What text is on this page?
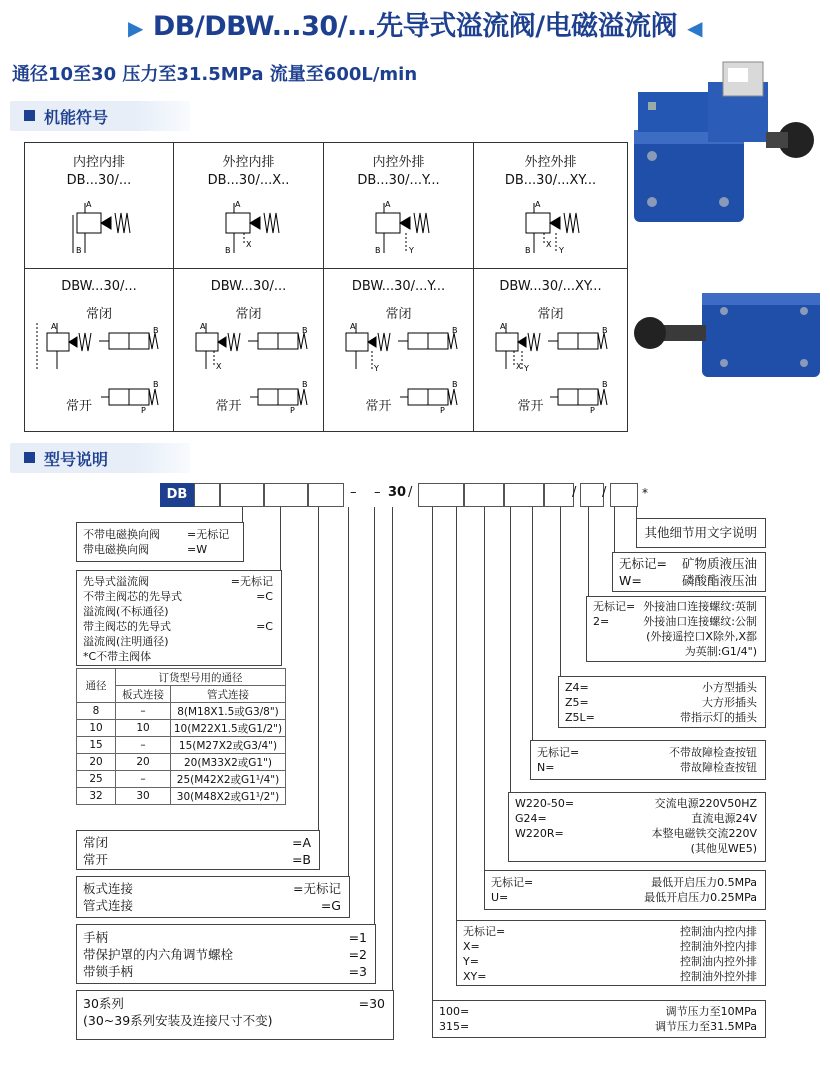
▶ DB/DBW...30/...先导式溢流阀/电磁溢流阀 ◀
通径10至30 压力至31.5MPa 流量至600L/min
机能符号
内控内排
DB...30/...
A
B
外控内排
DB...30/...X..
A
B
X
内控外排
DB...30/...Y...
A
B	Y
外控外排
DB...30/...XY...
A
B
X
Y
DBW...30/...
常闭
A	B
常开
B
P
DBW...30/...
常闭
A
X
B
常开
B
P
DBW...30/...Y...
常闭
A
Y
B
常开
B
P
DBW...30/...XY...
常闭
A
X Y
B
常开
B
P
型号说明
DB	– – 30 /	/ /	*
不带电磁换向阀 =无标记
带电磁换向阀	=W
先导式溢流阀	=无标记
不带主阀芯的先导式	=C
溢流阀(不标通径)
带主阀芯的先导式	=C
溢流阀(注明通径)
*C不带主阀体
通径	订货型号用的通径	
	板式连接	管式连接
8	–	8(M18X1.5或G3/8")
10	10	10(M22X1.5或G1/2")
15	–	15(M27X2或G3/4")
20	20	20(M33X2或G1")
25	–	25(M42X2或G1¹/4")
32	30	30(M48X2或G1¹/2")
常闭	=A
常开	=B
板式连接	=无标记
管式连接	=G
手柄	=1
带保护罩的内六角调节螺栓	=2
带锁手柄	=3
30系列	=30
(30~39系列安装及连接尺寸不变)
其他细节用文字说明
无标记= 矿物质液压油
W=	磷酸酯液压油
无标记= 外接油口连接螺纹:英制
2=	外接油口连接螺纹:公制
(外接遥控口X除外,X都
为英制:G1/4")
Z4=	小方型插头
Z5=	大方形插头
Z5L=	带指示灯的插头
无标记=	不带故障检查按钮
N=	带故障检查按钮
W220-50=	交流电源220V50HZ
G24=	直流电源24V
W220R=	本整电磁铁交流220V
(其他见WE5)
无标记=	最低开启压力0.5MPa
U=	最低开启压力0.25MPa
无标记=	控制油内控内排
X=	控制油外控内排
Y=	控制油内控外排
XY=	控制油外控外排
100=	调节压力至10MPa
315=	调节压力至31.5MPa
